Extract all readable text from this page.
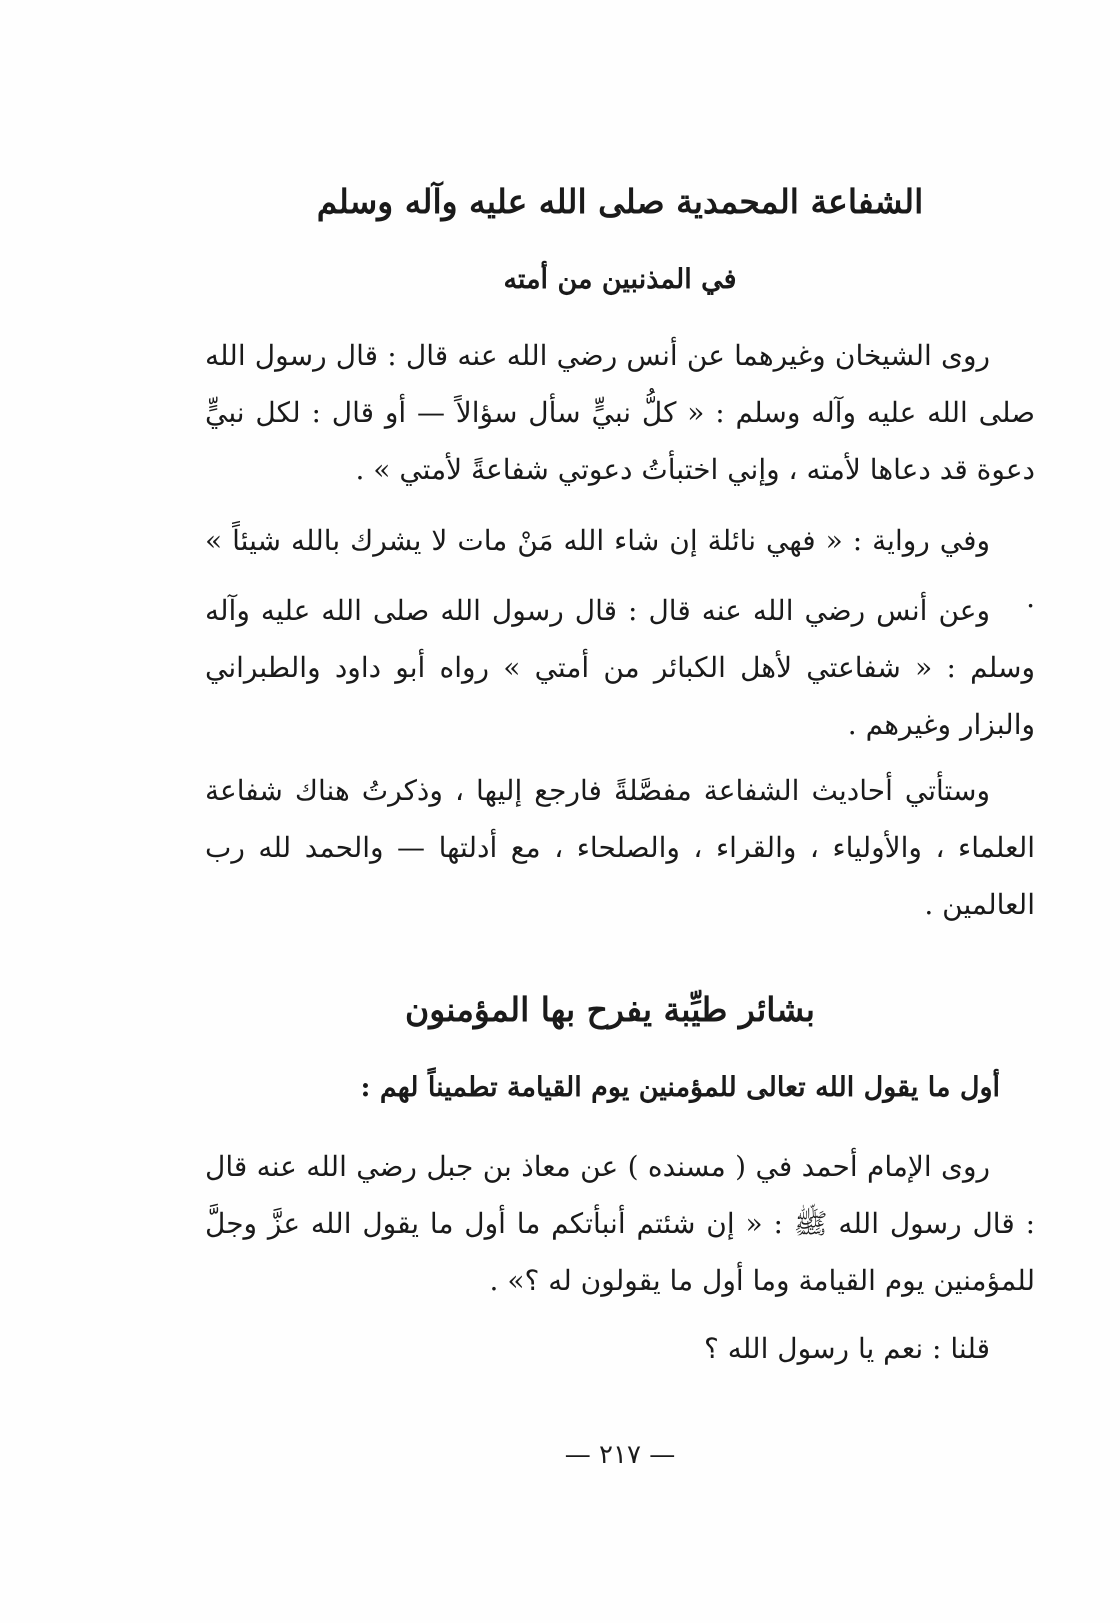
الشفاعة المحمدية صلى الله عليه وآله وسلم
في المذنبين من أمته

روى الشيخان وغيرهما عن أنس رضي الله عنه قال : قال رسول الله صلى الله عليه وآله وسلم : « كلُّ نبيٍّ سأل سؤالاً — أو قال : لكل نبيٍّ دعوة قد دعاها لأمته ، وإني اختبأتُ دعوتي شفاعةً لأمتي » .

وفي رواية : « فهي نائلة إن شاء الله مَنْ مات لا يشرك بالله شيئاً » .

وعن أنس رضي الله عنه قال : قال رسول الله صلى الله عليه وآله وسلم : « شفاعتي لأهل الكبائر من أمتي » رواه أبو داود والطبراني والبزار وغيرهم .

وستأتي أحاديث الشفاعة مفصَّلةً فارجع إليها ، وذكرتُ هناك شفاعة العلماء ، والأولياء ، والقراء ، والصلحاء ، مع أدلتها — والحمد لله رب العالمين .

بشائر طيِّبة يفرح بها المؤمنون
أول ما يقول الله تعالى للمؤمنين يوم القيامة تطميناً لهم :

روى الإمام أحمد في ( مسنده ) عن معاذ بن جبل رضي الله عنه قال : قال رسول الله ﷺ : « إن شئتم أنبأتكم ما أول ما يقول الله عزَّ وجلَّ للمؤمنين يوم القيامة وما أول ما يقولون له ؟» .

قلنا : نعم يا رسول الله ؟

— ٢١٧ —
